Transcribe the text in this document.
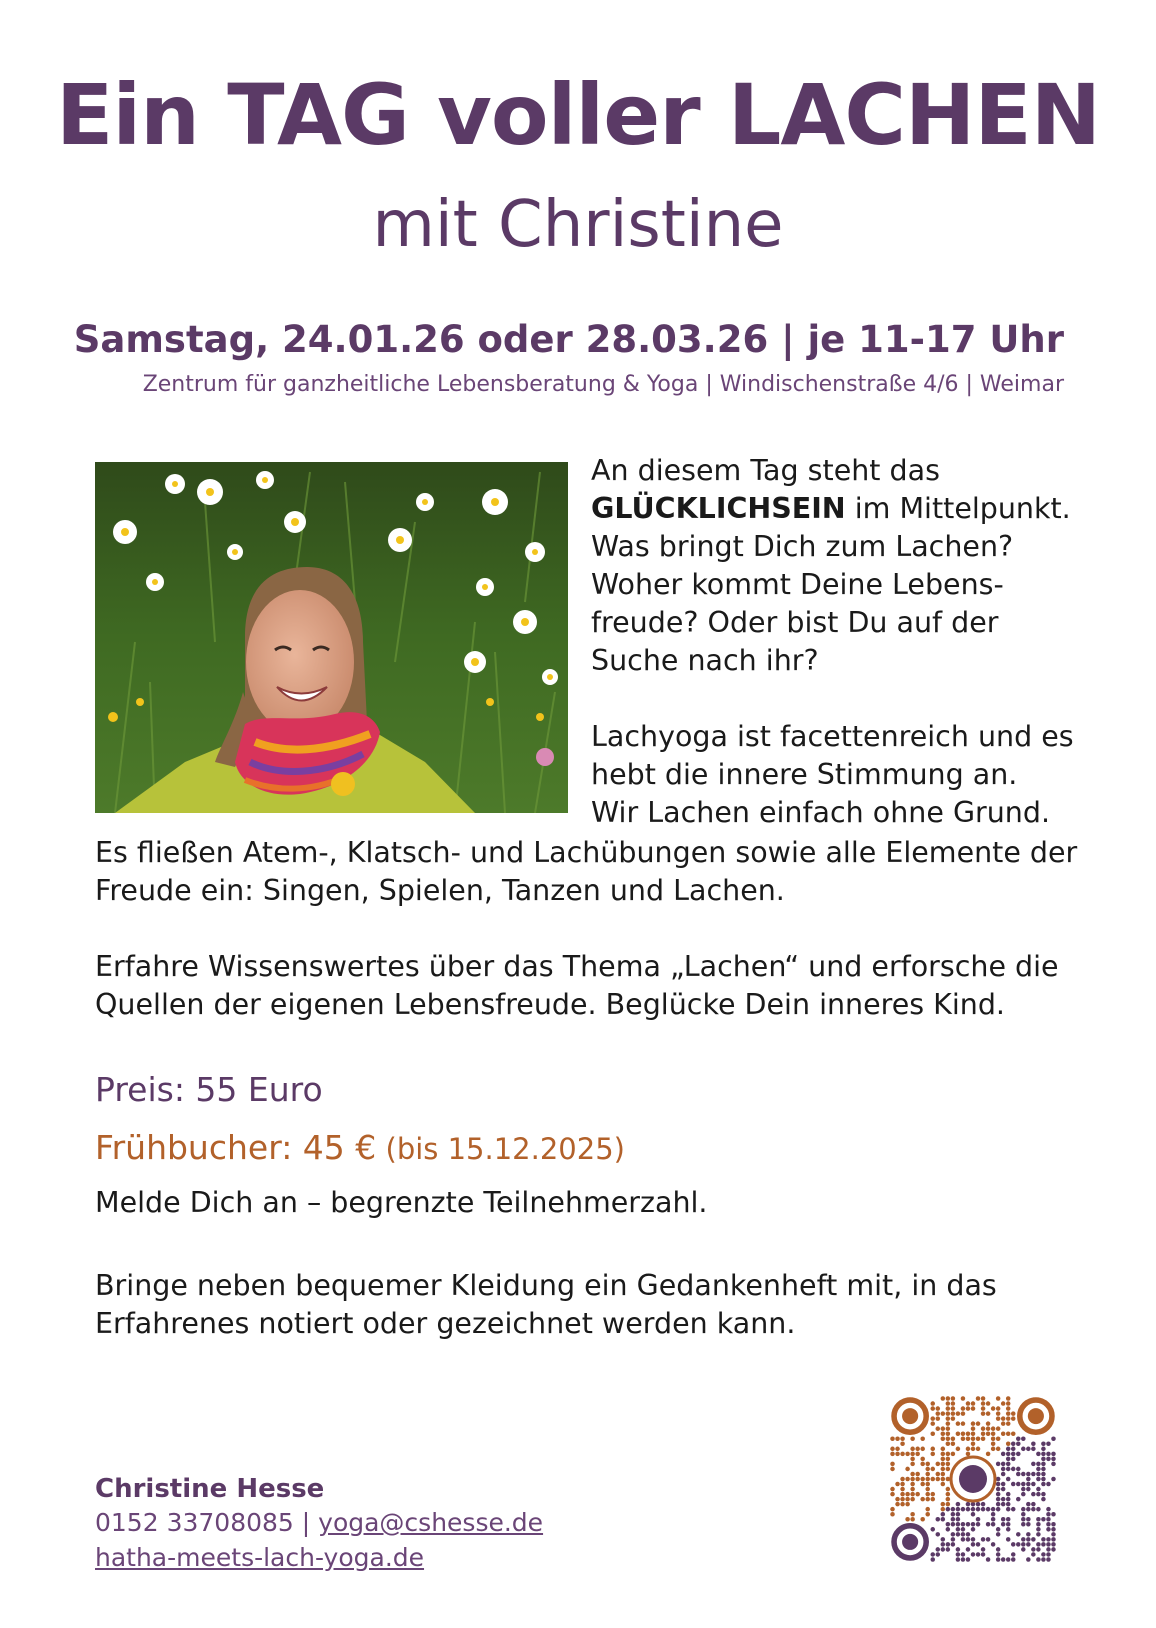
Ein TAG voller LACHEN
mit Christine
Samstag, 24.01.26 oder 28.03.26 | je 11-17 Uhr
Zentrum für ganzheitliche Lebensberatung & Yoga | Windischenstraße 4/6 | Weimar
An diesem Tag steht das
GLÜCKLICHSEIN im Mittelpunkt.
Was bringt Dich zum Lachen?
Woher kommt Deine Lebens-
freude? Oder bist Du auf der
Suche nach ihr?
Lachyoga ist facettenreich und es
hebt die innere Stimmung an.
Wir Lachen einfach ohne Grund.
Es fließen Atem-, Klatsch- und Lachübungen sowie alle Elemente der
Freude ein: Singen, Spielen, Tanzen und Lachen.
Erfahre Wissenswertes über das Thema „Lachen“ und erforsche die
Quellen der eigenen Lebensfreude. Beglücke Dein inneres Kind.
Preis: 55 Euro
Frühbucher: 45 € (bis 15.12.2025)
Melde Dich an – begrenzte Teilnehmerzahl.
Bringe neben bequemer Kleidung ein Gedankenheft mit, in das
Erfahrenes notiert oder gezeichnet werden kann.
Christine Hesse
0152 33708085 | yoga@cshesse.de
hatha-meets-lach-yoga.de
